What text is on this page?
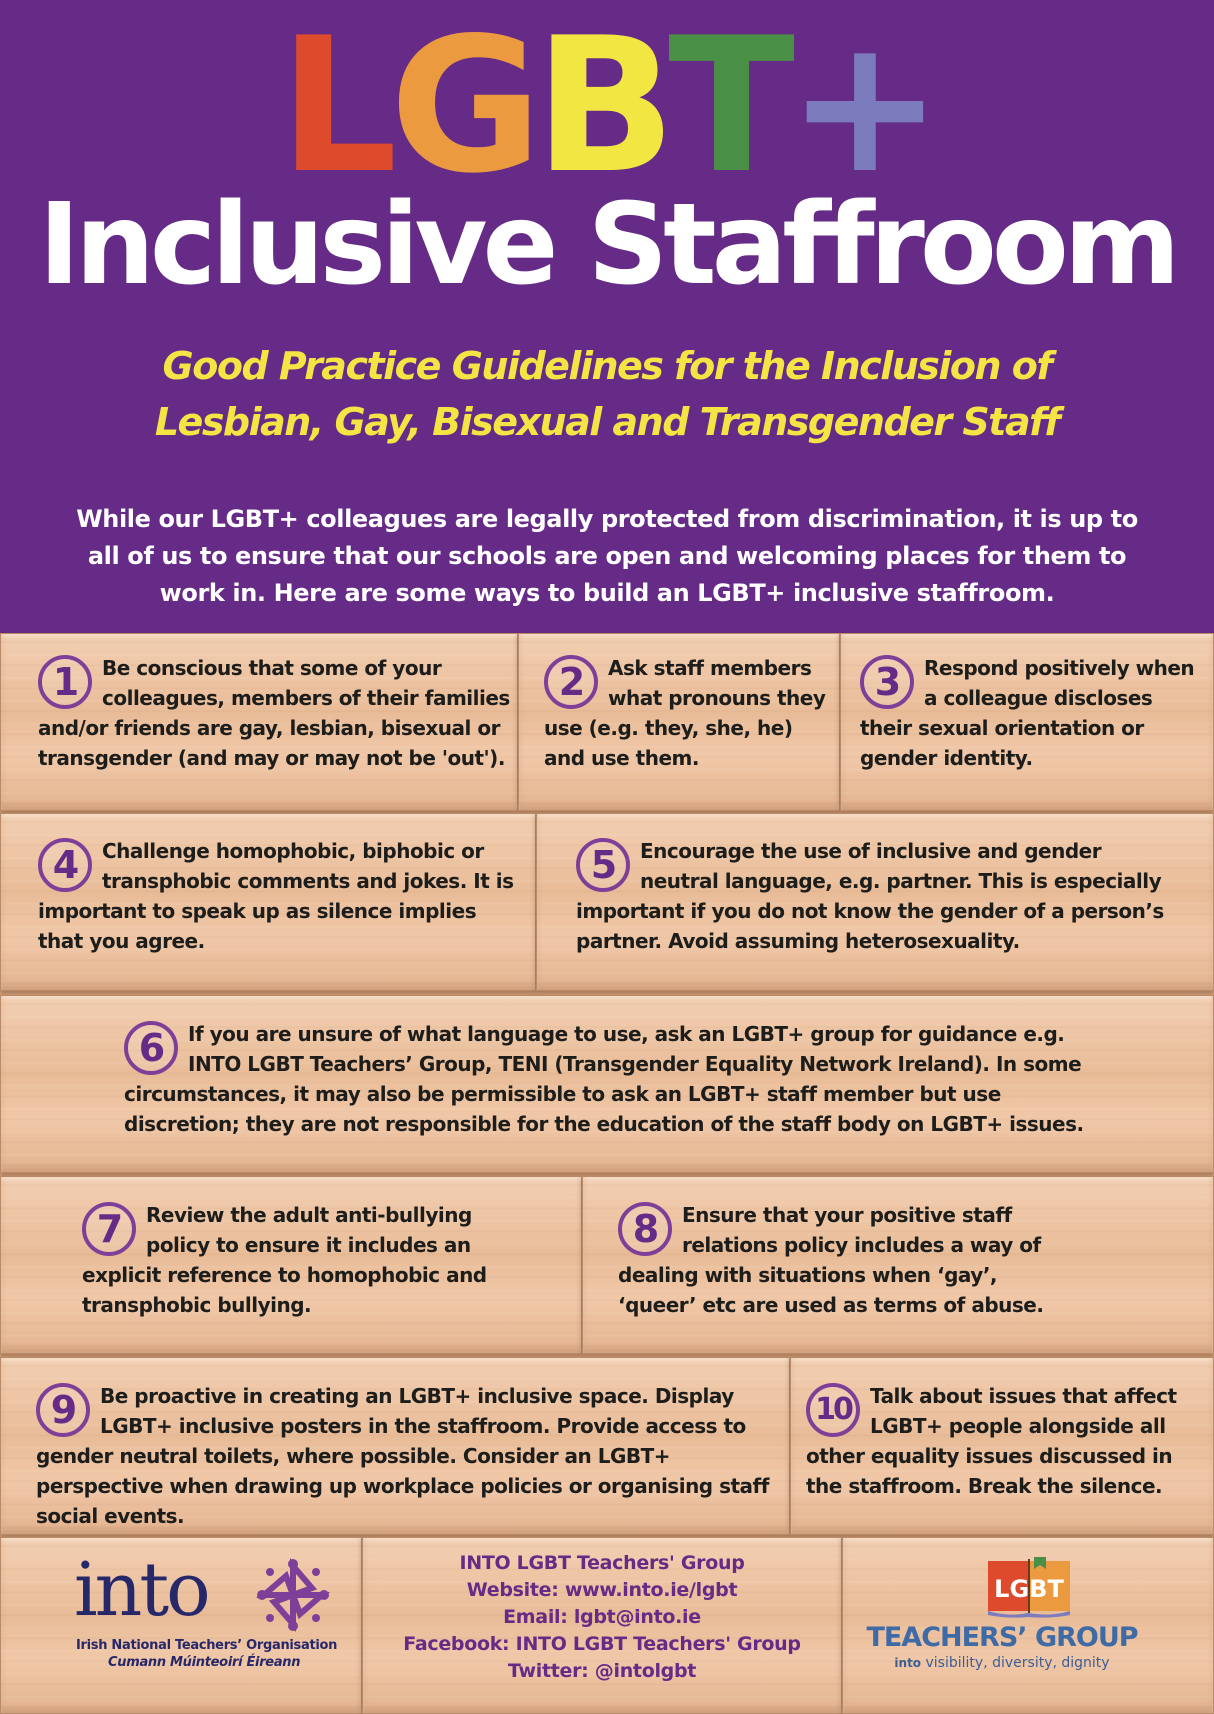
LGBT+
Inclusive Staffroom
Good Practice Guidelines for the Inclusion of
Lesbian, Gay, Bisexual and Transgender Staff
While our LGBT+ colleagues are legally protected from discrimination, it is up to
all of us to ensure that our schools are open and welcoming places for them to
work in. Here are some ways to build an LGBT+ inclusive staffroom.
1	Be conscious that some of your colleagues, members of their families and/or friends are gay, lesbian, bisexual or transgender (and may or may not be 'out').
2	Ask staff members what pronouns they use (e.g. they, she, he) and use them.
3	Respond positively when a colleague discloses their sexual orientation or gender identity.
4	Challenge homophobic, biphobic or transphobic comments and jokes. It is important to speak up as silence implies that you agree.
5	Encourage the use of inclusive and gender neutral language, e.g. partner. This is especially important if you do not know the gender of a person’s partner. Avoid assuming heterosexuality.
6	If you are unsure of what language to use, ask an LGBT+ group for guidance e.g. INTO LGBT Teachers’ Group, TENI (Transgender Equality Network Ireland). In some circumstances, it may also be permissible to ask an LGBT+ staff member but use discretion; they are not responsible for the education of the staff body on LGBT+ issues.
7	Review the adult anti-bullying policy to ensure it includes an explicit reference to homophobic and transphobic bullying.
8	Ensure that your positive staff relations policy includes a way of dealing with situations when ‘gay’, ‘queer’ etc are used as terms of abuse.
9	Be proactive in creating an LGBT+ inclusive space. Display LGBT+ inclusive posters in the staffroom. Provide access to gender neutral toilets, where possible. Consider an LGBT+ perspective when drawing up workplace policies or organising staff social events.
10 Talk about issues that affect LGBT+ people alongside all other equality issues discussed in the staffroom. Break the silence.
into
Irish National Teachers’ Organisation
Cumann Múinteoirí Éireann
INTO LGBT Teachers' Group
Website: www.into.ie/lgbt
Email: lgbt@into.ie
Facebook: INTO LGBT Teachers' Group
Twitter: @intolgbt
LGBT
TEACHERS’ GROUP
into visibility, diversity, dignity
